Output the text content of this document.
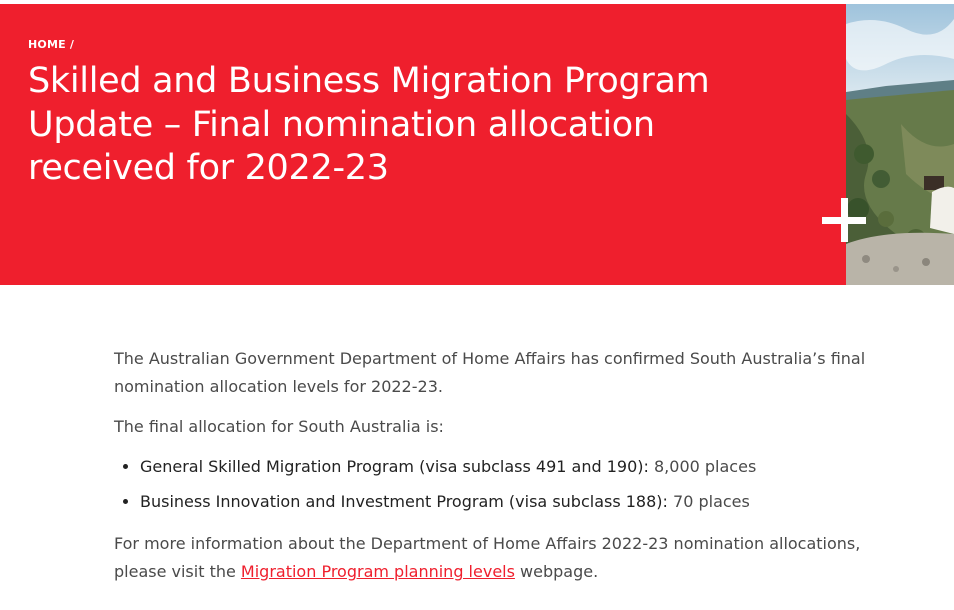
HOME /
Skilled and Business Migration Program Update – Final nomination allocation received for 2022-23

The Australian Government Department of Home Affairs has confirmed South Australia’s final nomination allocation levels for 2022-23.

The final allocation for South Australia is:

• General Skilled Migration Program (visa subclass 491 and 190): 8,000 places
• Business Innovation and Investment Program (visa subclass 188): 70 places

For more information about the Department of Home Affairs 2022-23 nomination allocations, please visit the Migration Program planning levels webpage.
